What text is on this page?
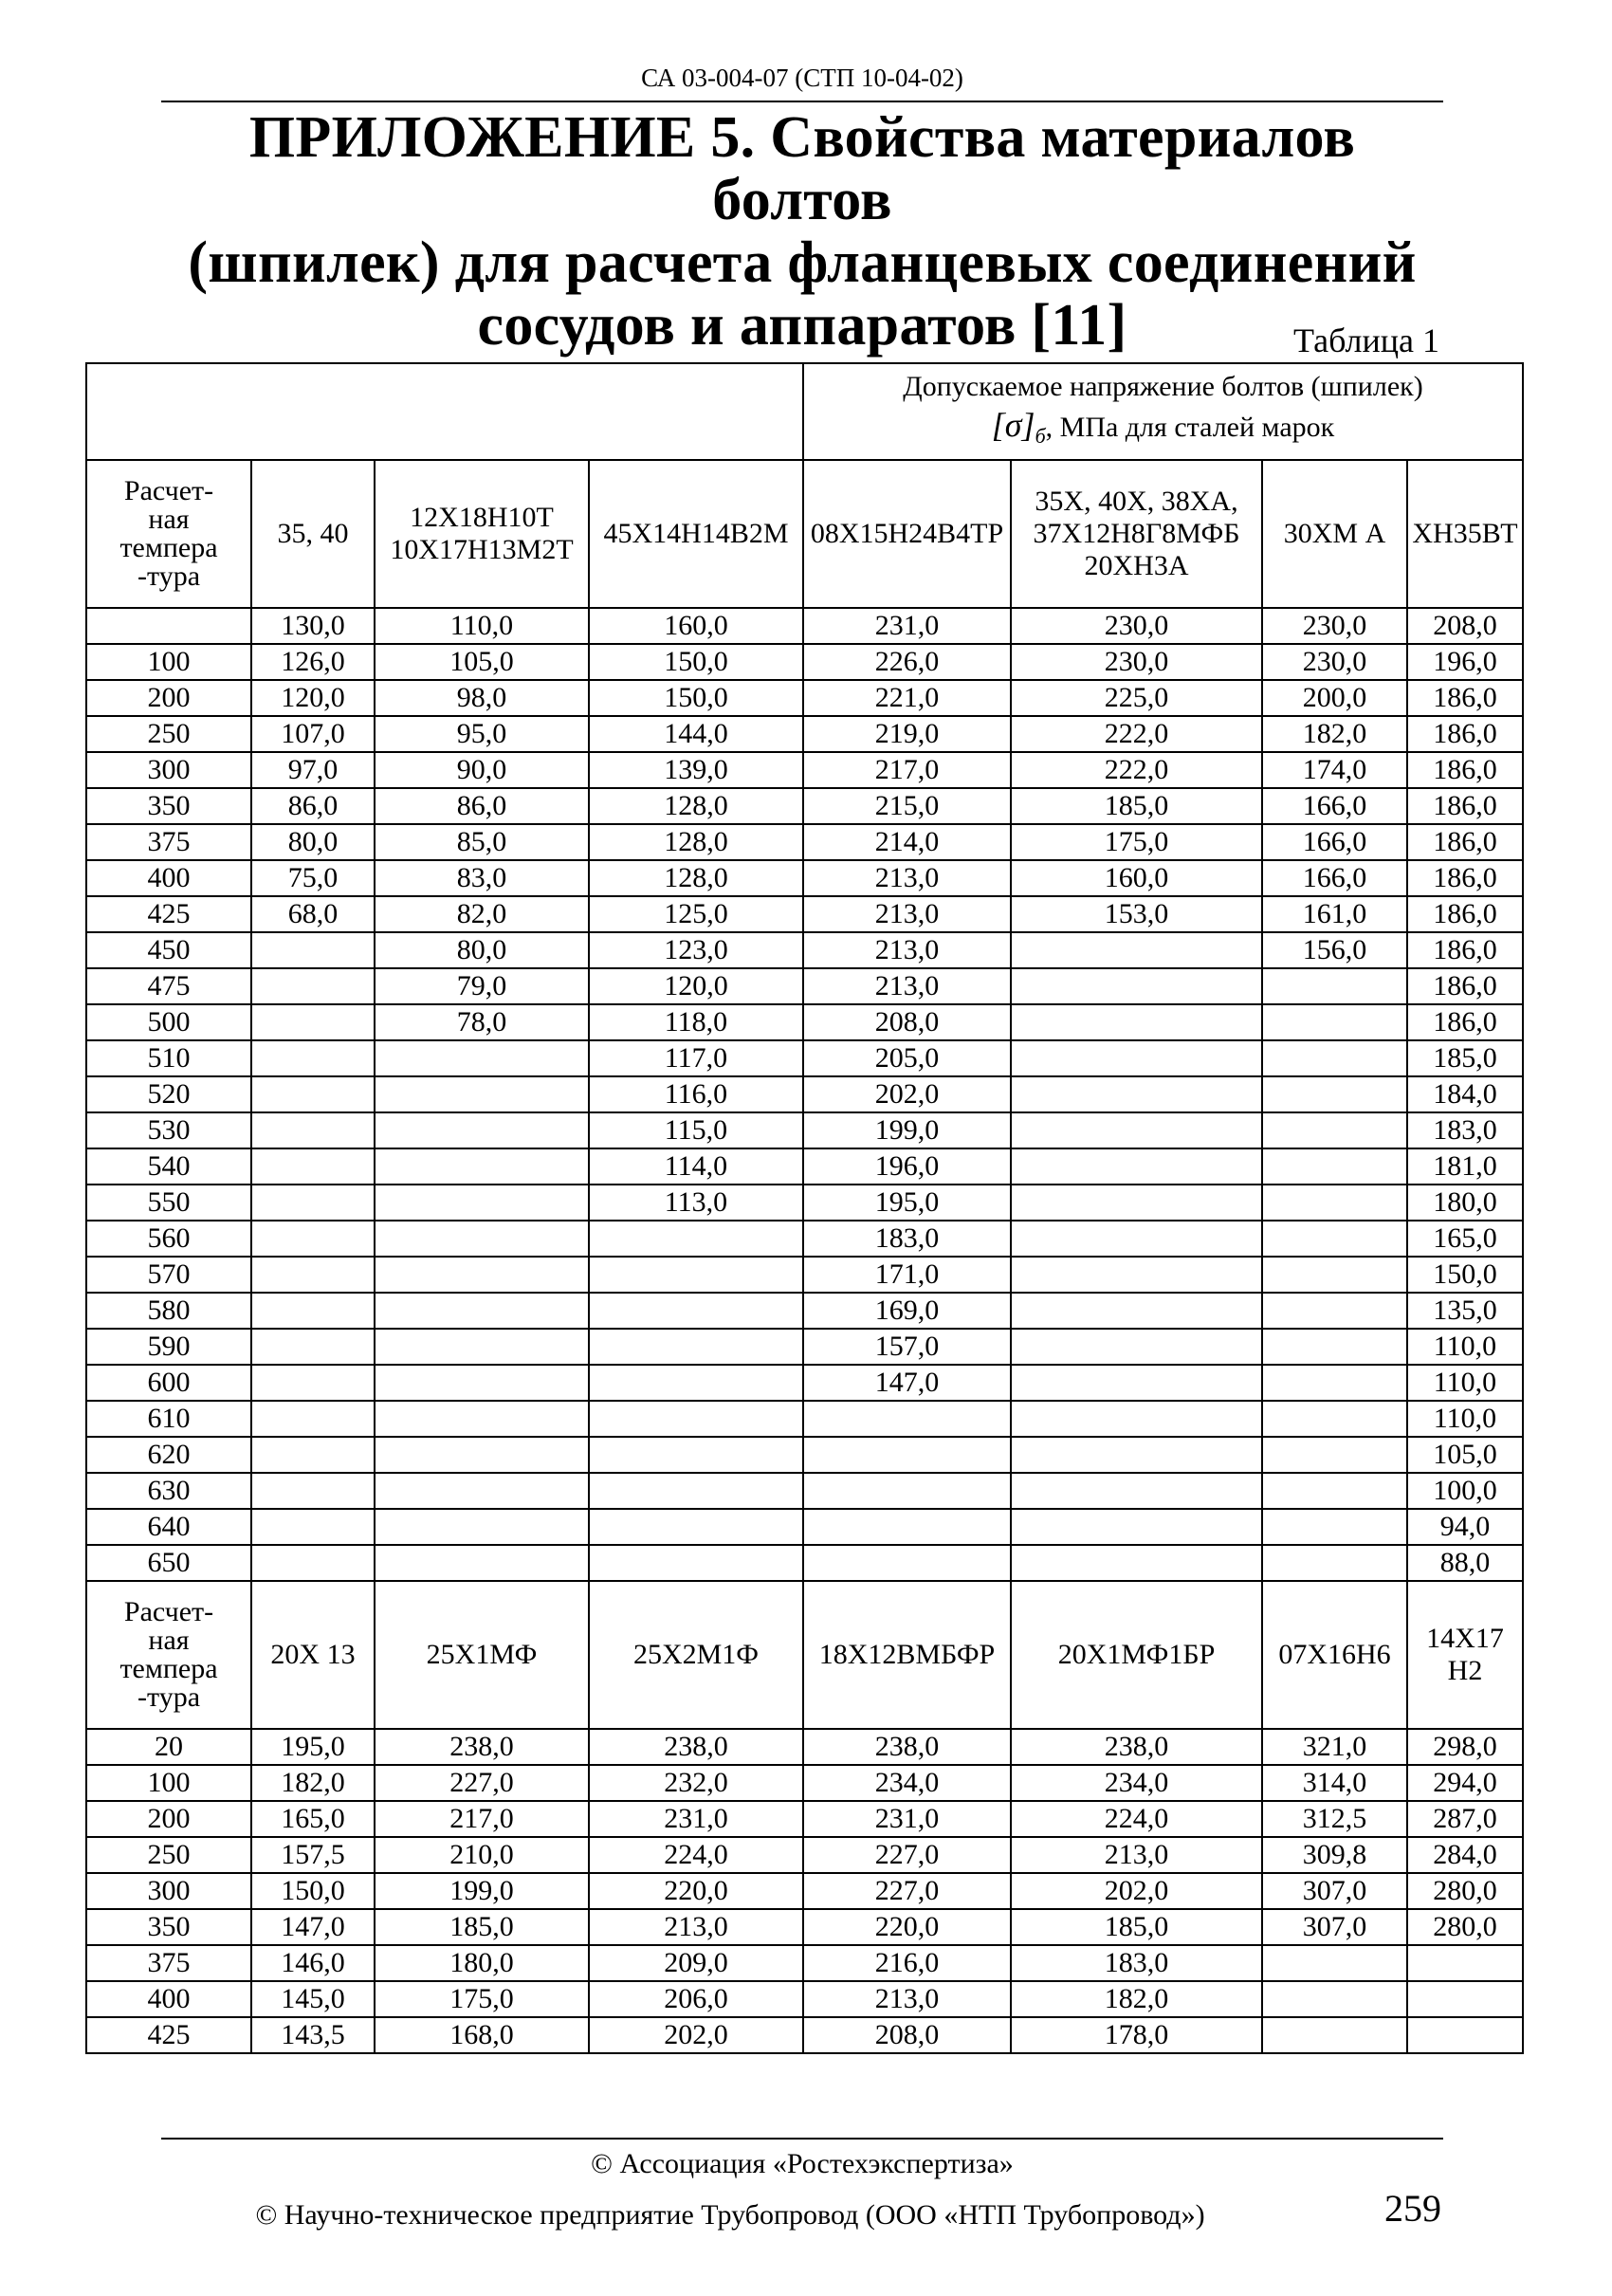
СА 03-004-07 (СТП 10-04-02)
ПРИЛОЖЕНИЕ 5. Свойства материалов болтов
(шпилек) для расчета фланцевых соединений
сосудов и аппаратов [11]	Таблица 1

				Допускаемое напряжение болтов (шпилек)
$[\sigma]_б$, МПа для сталей марок			

Расчет-
ная
темпера
-тура	35, 40	12Х18Н10Т 10Х17Н13М2Т	45Х14Н14В2М	08Х15Н24В4ТР	35Х, 40Х, 38ХА, 37Х12Н8Г8МФБ 20ХН3А	30ХМ А	ХН35ВТ
	130,0	110,0	160,0	231,0	230,0	230,0	208,0
100	126,0	105,0	150,0	226,0	230,0	230,0	196,0
200	120,0	98,0	150,0	221,0	225,0	200,0	186,0
250	107,0	95,0	144,0	219,0	222,0	182,0	186,0
300	97,0	90,0	139,0	217,0	222,0	174,0	186,0
350	86,0	86,0	128,0	215,0	185,0	166,0	186,0
375	80,0	85,0	128,0	214,0	175,0	166,0	186,0
400	75,0	83,0	128,0	213,0	160,0	166,0	186,0
425	68,0	82,0	125,0	213,0	153,0	161,0	186,0
450		80,0	123,0	213,0		156,0	186,0
475		79,0	120,0	213,0			186,0
500		78,0	118,0	208,0			186,0
510			117,0	205,0			185,0
520			116,0	202,0			184,0
530			115,0	199,0			183,0
540			114,0	196,0			181,0
550			113,0	195,0			180,0
560				183,0			165,0
570				171,0			150,0
580				169,0			135,0
590				157,0			110,0
600				147,0			110,0
610							110,0
620							105,0
630							100,0
640							94,0
650							88,0

Расчет-
ная
темпера
-тура	20Х 13	25Х1МФ	25Х2М1Ф	18Х12ВМБФР	20Х1МФ1БР	07Х16Н6	14Х17 Н2
20	195,0	238,0	238,0	238,0	238,0	321,0	298,0
100	182,0	227,0	232,0	234,0	234,0	314,0	294,0
200	165,0	217,0	231,0	231,0	224,0	312,5	287,0
250	157,5	210,0	224,0	227,0	213,0	309,8	284,0
300	150,0	199,0	220,0	227,0	202,0	307,0	280,0
350	147,0	185,0	213,0	220,0	185,0	307,0	280,0
375	146,0	180,0	209,0	216,0	183,0		
400	145,0	175,0	206,0	213,0	182,0		
425	143,5	168,0	202,0	208,0	178,0		
© Ассоциация «Ростехэкспертиза»
© Научно-техническое предприятие Трубопровод (ООО «НТП Трубопровод»)	259
